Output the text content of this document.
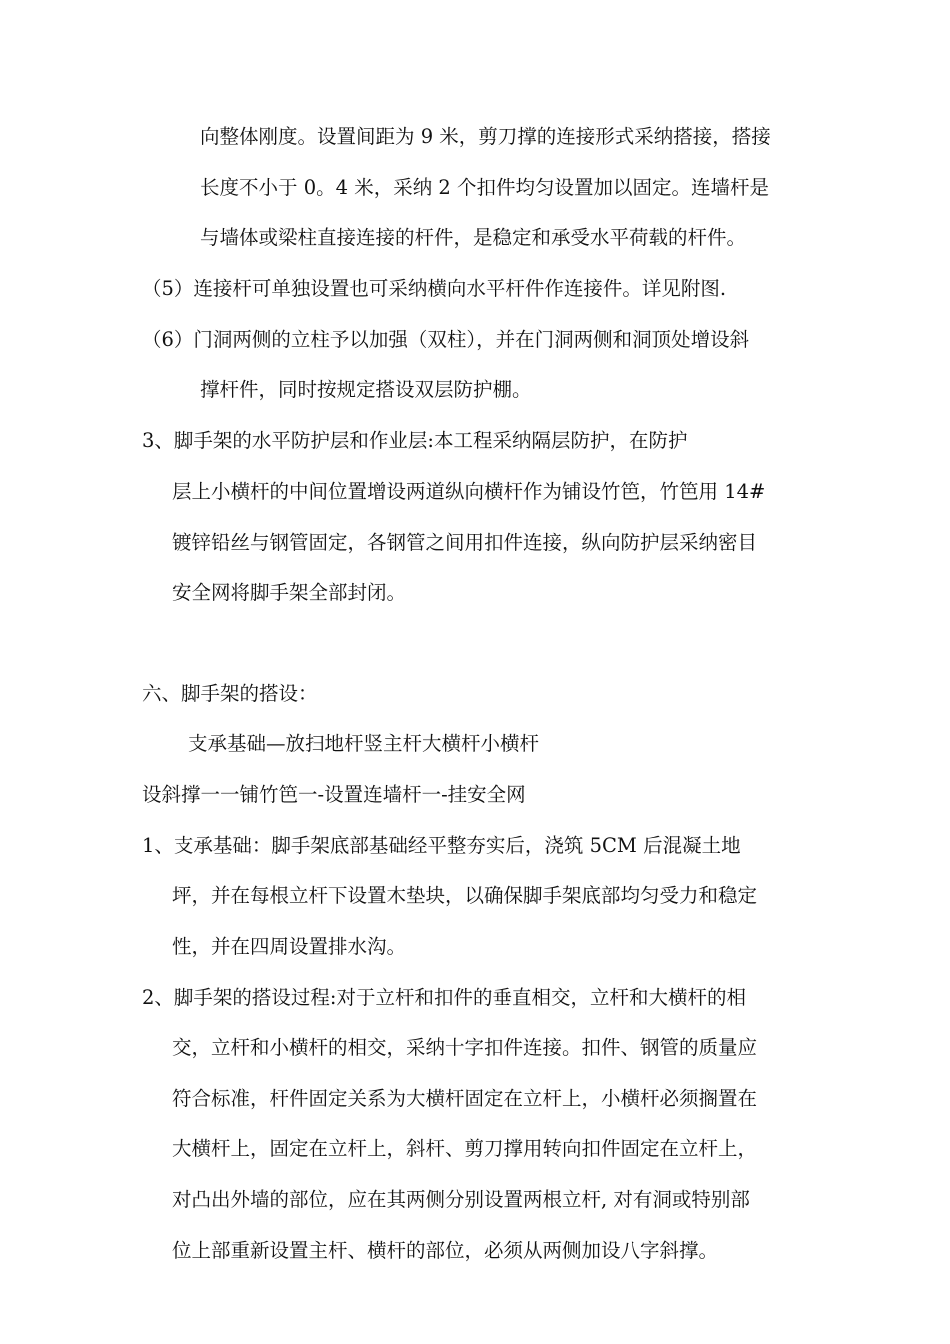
向整体刚度。设置间距为 9 米，剪刀撑的连接形式采纳搭接，搭接
长度不小于 0。4 米，采纳 2 个扣件均匀设置加以固定。连墙杆是
与墙体或梁柱直接连接的杆件，是稳定和承受水平荷载的杆件。
（5）连接杆可单独设置也可采纳横向水平杆件作连接件。详见附图.
（6）门洞两侧的立柱予以加强（双柱），并在门洞两侧和洞顶处增设斜
撑杆件，同时按规定搭设双层防护棚。
3、脚手架的水平防护层和作业层:本工程采纳隔层防护，在防护
层上小横杆的中间位置增设两道纵向横杆作为铺设竹笆，竹笆用 14#
镀锌铅丝与钢管固定，各钢管之间用扣件连接，纵向防护层采纳密目
安全网将脚手架全部封闭。
六、脚手架的搭设：
支承基础—放扫地杆竖主杆大横杆小横杆
设斜撑一一铺竹笆一-设置连墙杆一-挂安全网
1、支承基础：脚手架底部基础经平整夯实后，浇筑 5CM 后混凝土地
坪，并在每根立杆下设置木垫块，以确保脚手架底部均匀受力和稳定
性，并在四周设置排水沟。
2、脚手架的搭设过程:对于立杆和扣件的垂直相交，立杆和大横杆的相
交，立杆和小横杆的相交，采纳十字扣件连接。扣件、钢管的质量应
符合标准，杆件固定关系为大横杆固定在立杆上，小横杆必须搁置在
大横杆上，固定在立杆上，斜杆、剪刀撑用转向扣件固定在立杆上，
对凸出外墙的部位，应在其两侧分别设置两根立杆, 对有洞或特别部
位上部重新设置主杆、横杆的部位，必须从两侧加设八字斜撑。
